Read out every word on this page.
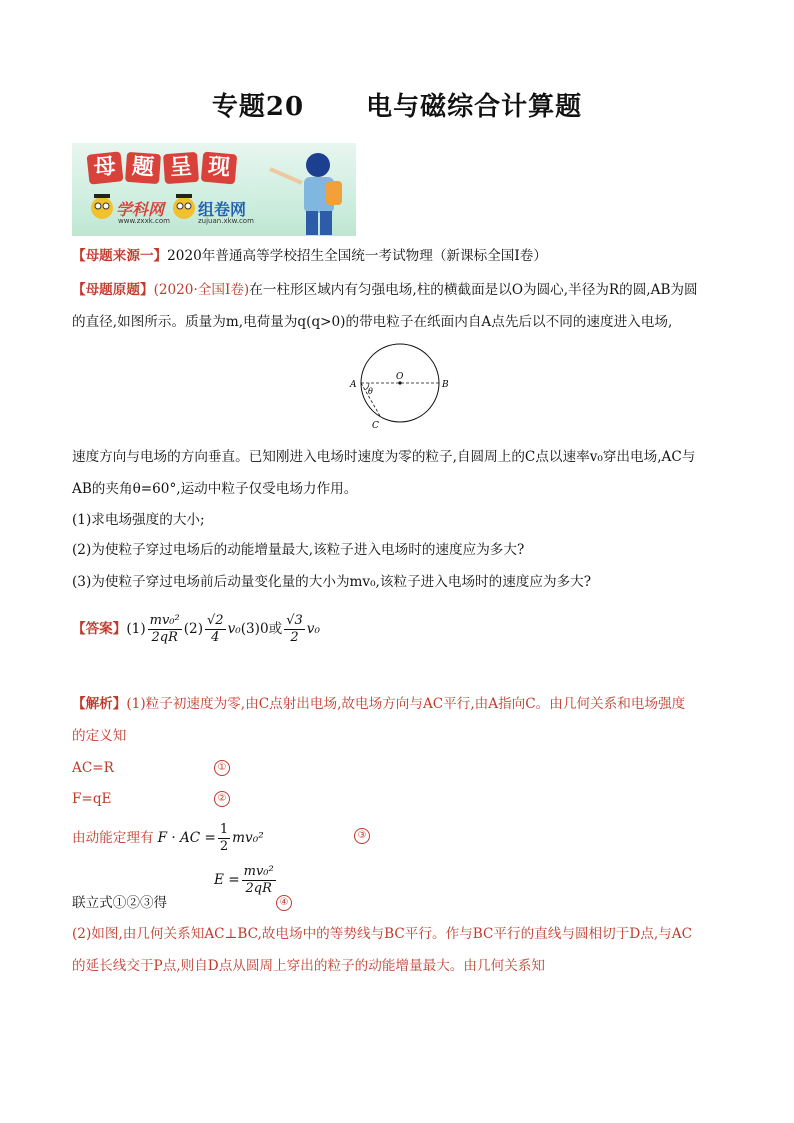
专题20 电与磁综合计算题
母 题 呈 现
学科网
www.zxxk.com
组卷网
zujuan.xkw.com
【母题来源一】2020年普通高等学校招生全国统一考试物理（新课标全国Ⅰ卷）
【母题原题】(2020·全国Ⅰ卷)在一柱形区域内有匀强电场,柱的横截面是以O为圆心,半径为R的圆,AB为圆
的直径,如图所示。质量为m,电荷量为q(q>0)的带电粒子在纸面内自A点先后以不同的速度进入电场,
A	B
O
C
θ
速度方向与电场的方向垂直。已知刚进入电场时速度为零的粒子,自圆周上的C点以速率v₀穿出电场,AC与
AB的夹角θ=60°,运动中粒子仅受电场力作用。
(1)求电场强度的大小;
(2)为使粒子穿过电场后的动能增量最大,该粒子进入电场时的速度应为多大?
(3)为使粒子穿过电场前后动量变化量的大小为mv₀,该粒子进入电场时的速度应为多大?
【答案】 $(1) \frac{\text{mv₀²}}{2qR} (2) \frac{√2}{4} v_0$ (3)0或 $\frac{√3}{2} v_0$
【解析】(1)粒子初速度为零,由C点射出电场,故电场方向与AC平行,由A指向C。由几何关系和电场强度
的定义知
AC=R	①
F=qE	②
由动能定理有 F · AC = $\frac{1}{2} mv_0^2$	③
$E = \frac{\text{mv₀²}}{2qR}$
④
联立式①②③得
(2)如图,由几何关系知AC⊥BC,故电场中的等势线与BC平行。作与BC平行的直线与圆相切于D点,与AC
的延长线交于P点,则自D点从圆周上穿出的粒子的动能增量最大。由几何关系知
